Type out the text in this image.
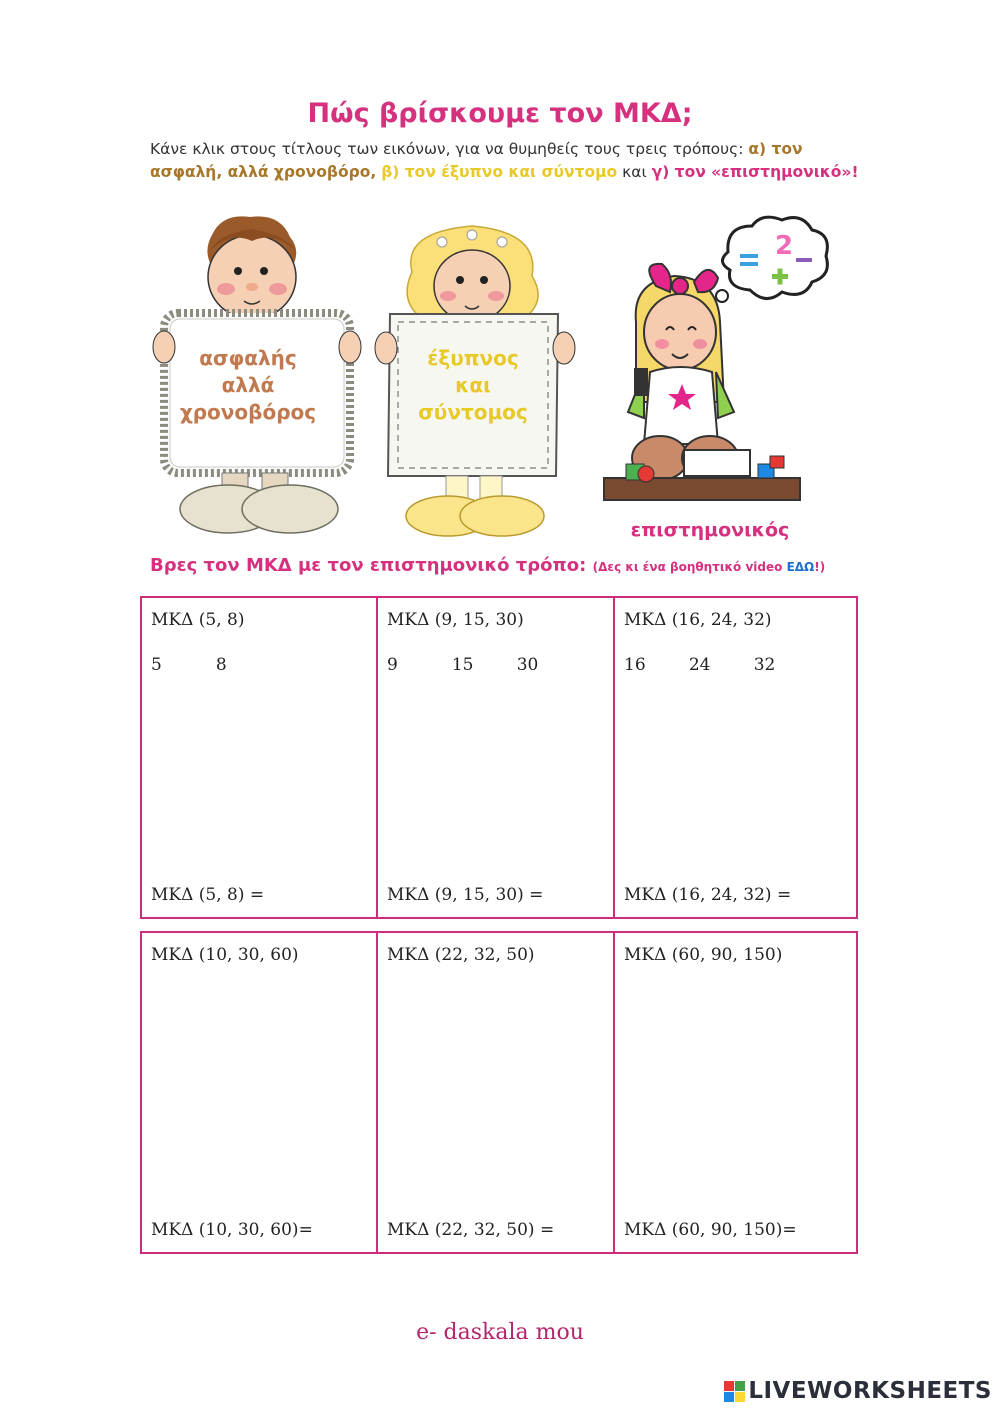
Πώς βρίσκουμε τον ΜΚΔ;
Κάνε κλικ στους τίτλους των εικόνων, για να θυμηθείς τους τρεις τρόπους: α) τον ασφαλή, αλλά χρονοβόρο, β) τον έξυπνο και σύντομο και γ) τον «επιστημονικό»!
ασφαλής
αλλά
χρονοβόρος
έξυπνος
και
σύντομος
2
επιστημονικός
Βρες τον ΜΚΔ με τον επιστημονικό τρόπο: (Δες κι ένα βοηθητικό video ΕΔΩ!)
ΜΚΔ (5, 8)
5          8
ΜΚΔ (5, 8) =
ΜΚΔ (9, 15, 30)
9          15        30
ΜΚΔ (9, 15, 30) =
ΜΚΔ (16, 24, 32)
16        24        32
ΜΚΔ (16, 24, 32) =
ΜΚΔ (10, 30, 60)
ΜΚΔ (10, 30, 60)=
ΜΚΔ (22, 32, 50)
ΜΚΔ (22, 32, 50) =
ΜΚΔ (60, 90, 150)
ΜΚΔ (60, 90, 150)=
e- daskala mou
LIVEWORKSHEETS
